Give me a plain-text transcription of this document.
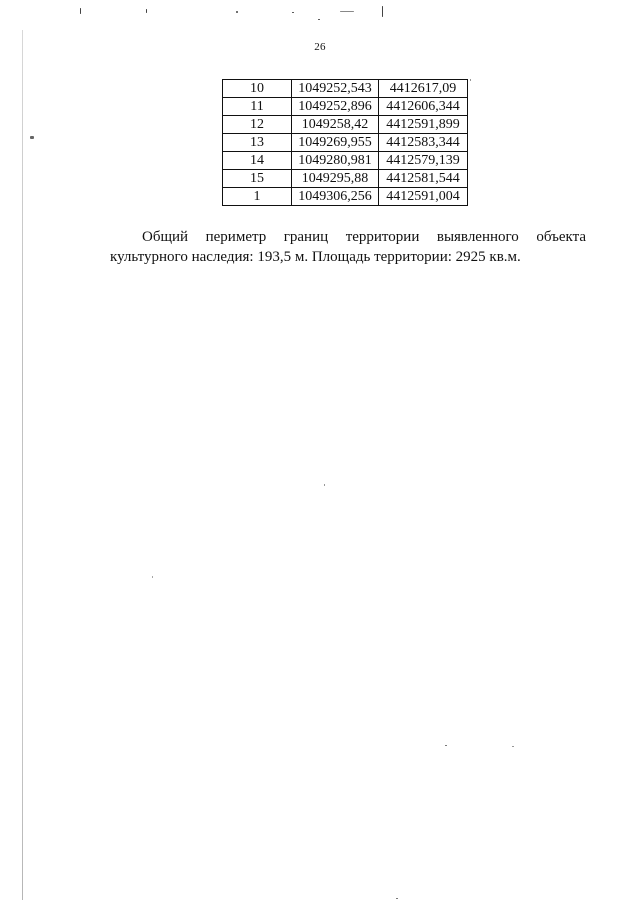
26
10	1049252,543	4412617,09
11	1049252,896	4412606,344
12	1049258,42	4412591,899
13	1049269,955	4412583,344
14	1049280,981	4412579,139
15	1049295,88	4412581,544
1	1049306,256	4412591,004
Общий периметр границ территории выявленного объекта
культурного наследия: 193,5 м. Площадь территории: 2925 кв.м.
